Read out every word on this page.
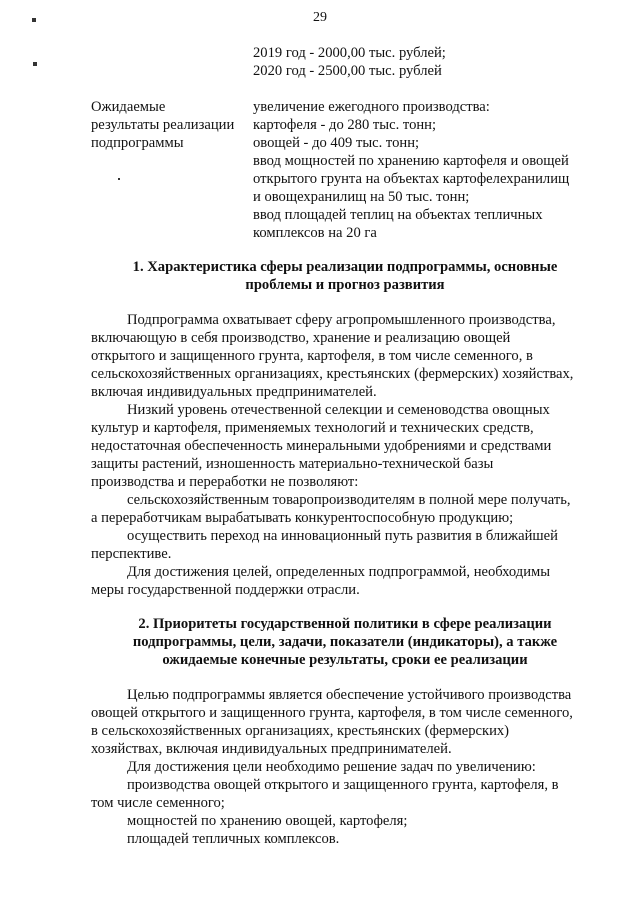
29
2019 год - 2000,00 тыс. рублей;
2020 год - 2500,00 тыс. рублей
Ожидаемые
результаты реализации
подпрограммы
увеличение ежегодного производства:
картофеля - до 280 тыс. тонн;
овощей - до 409 тыс. тонн;
ввод мощностей по хранению картофеля и овощей
открытого грунта на объектах картофелехранилищ
и овощехранилищ на 50 тыс. тонн;
ввод площадей теплиц на объектах тепличных
комплексов на 20 га
1. Характеристика сферы реализации подпрограммы, основные
проблемы и прогноз развития
Подпрограмма охватывает сферу агропромышленного производства,
включающую в себя производство, хранение и реализацию овощей
открытого и защищенного грунта, картофеля, в том числе семенного, в
сельскохозяйственных организациях, крестьянских (фермерских) хозяйствах,
включая индивидуальных предпринимателей.
Низкий уровень отечественной селекции и семеноводства овощных
культур и картофеля, применяемых технологий и технических средств,
недостаточная обеспеченность минеральными удобрениями и средствами
защиты растений, изношенность материально-технической базы
производства и переработки не позволяют:
сельскохозяйственным товаропроизводителям в полной мере получать,
а переработчикам вырабатывать конкурентоспособную продукцию;
осуществить переход на инновационный путь развития в ближайшей
перспективе.
Для достижения целей, определенных подпрограммой, необходимы
меры государственной поддержки отрасли.
2. Приоритеты государственной политики в сфере реализации
подпрограммы, цели, задачи, показатели (индикаторы), а также
ожидаемые конечные результаты, сроки ее реализации
Целью подпрограммы является обеспечение устойчивого производства
овощей открытого и защищенного грунта, картофеля, в том числе семенного,
в сельскохозяйственных организациях, крестьянских (фермерских)
хозяйствах, включая индивидуальных предпринимателей.
Для достижения цели необходимо решение задач по увеличению:
производства овощей открытого и защищенного грунта, картофеля, в
том числе семенного;
мощностей по хранению овощей, картофеля;
площадей тепличных комплексов.
